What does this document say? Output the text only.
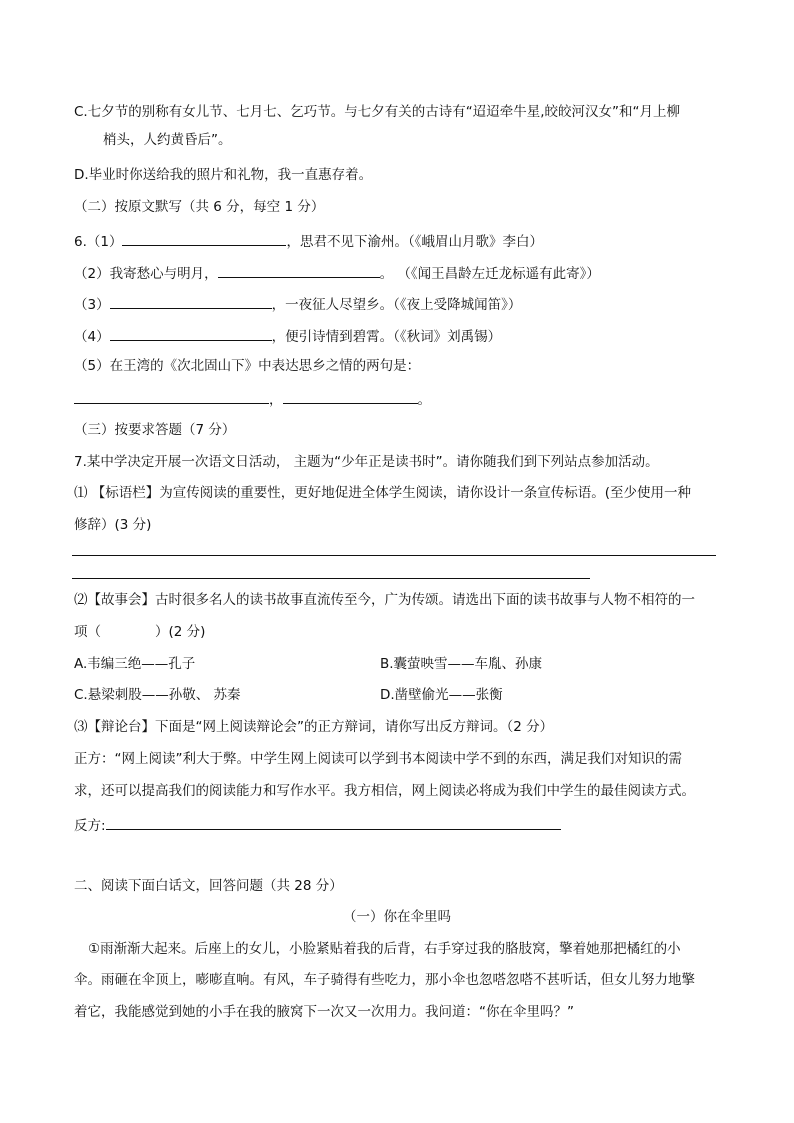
C.七夕节的别称有女儿节、七月七、乞巧节。与七夕有关的古诗有“迢迢牵牛星,皎皎河汉女”和“月上柳
梢头，人约黄昏后”。
D.毕业时你送给我的照片和礼物，我一直惠存着。
（二）按原文默写（共 6 分，每空 1 分）
6.（1）	，思君不见下渝州。（《峨眉山月歌》李白）
（2）我寄愁心与明月，	。 （《闻王昌龄左迁龙标遥有此寄》）
（3）	，一夜征人尽望乡。（《夜上受降城闻笛》）
（4）	，便引诗情到碧霄。（《秋词》刘禹锡）
（5）在王湾的《次北固山下》中表达思乡之情的两句是：
，	。
（三）按要求答题（7 分）
7.某中学决定开展一次语文日活动， 主题为“少年正是读书时”。请你随我们到下列站点参加活动。
⑴ 【标语栏】为宣传阅读的重要性，更好地促进全体学生阅读，请你设计一条宣传标语。(至少使用一种
修辞）(3 分)
⑵【故事会】古时很多名人的读书故事直流传至今，广为传颂。请选出下面的读书故事与人物不相符的一
项（　　　　）(2 分)
A.韦编三绝——孔子	B.囊萤映雪——车胤、孙康
C.悬梁刺股——孙敬、 苏秦	D.凿壁偷光——张衡
⑶【辩论台】下面是“网上阅读辩论会”的正方辩词，请你写出反方辩词。（2 分）
正方：“网上阅读”利大于弊。中学生网上阅读可以学到书本阅读中学不到的东西，满足我们对知识的需
求，还可以提高我们的阅读能力和写作水平。我方相信，网上阅读必将成为我们中学生的最佳阅读方式。
反方:
二、阅读下面白话文，回答问题（共 28 分）
（一）你在伞里吗
①雨渐渐大起来。后座上的女儿，小脸紧贴着我的后背，右手穿过我的胳肢窝，擎着她那把橘红的小
伞。雨砸在伞顶上，嘭嘭直响。有风，车子骑得有些吃力，那小伞也忽嗒忽嗒不甚听话，但女儿努力地擎
着它，我能感觉到她的小手在我的腋窝下一次又一次用力。我问道：“你在伞里吗？”
